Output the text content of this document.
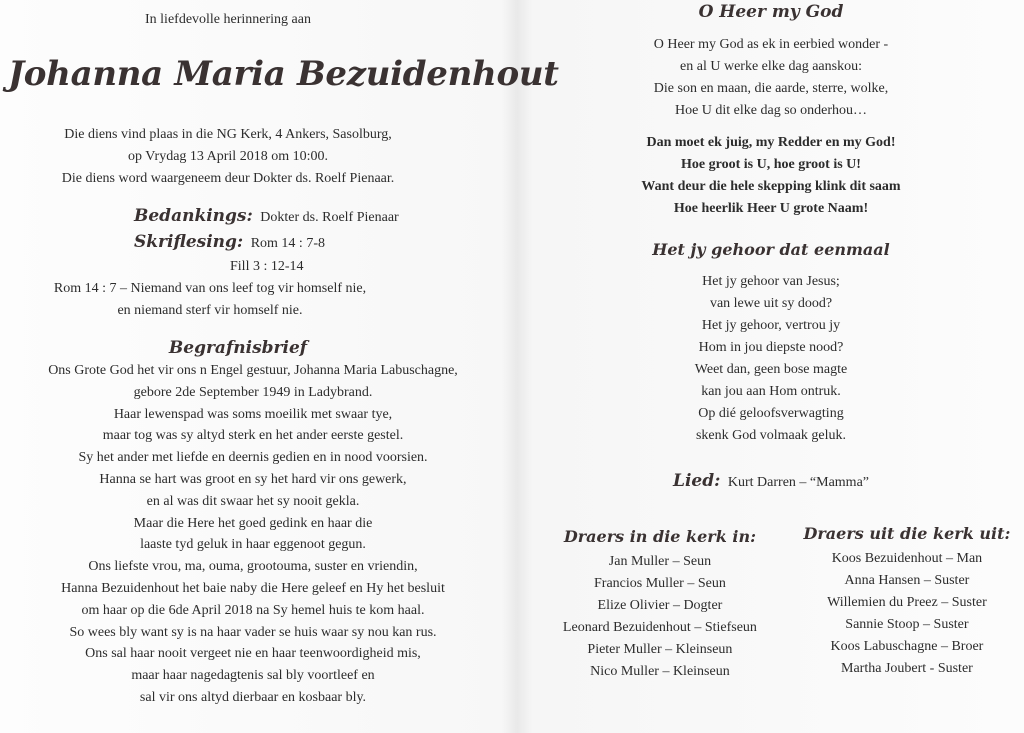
In liefdevolle herinnering aan

Johanna Maria Bezuidenhout

Die diens vind plaas in die NG Kerk, 4 Ankers, Sasolburg,

op Vrydag 13 April 2018 om 10:00.

Die diens word waargeneem deur Dokter ds. Roelf Pienaar.

Bedankings: Dokter ds. Roelf Pienaar
Skriflesing: Rom 14 : 7-8

Fill 3 : 12-14

Rom 14 : 7 – Niemand van ons leef tog vir homself nie,

en niemand sterf vir homself nie.

Begrafnisbrief

Ons Grote God het vir ons n Engel gestuur, Johanna Maria Labuschagne,

gebore 2de September 1949 in Ladybrand.

Haar lewenspad was soms moeilik met swaar tye,

maar tog was sy altyd sterk en het ander eerste gestel.

Sy het ander met liefde en deernis gedien en in nood voorsien.

Hanna se hart was groot en sy het hard vir ons gewerk,

en al was dit swaar het sy nooit gekla.

Maar die Here het goed gedink en haar die

laaste tyd geluk in haar eggenoot gegun.

Ons liefste vrou, ma, ouma, grootouma, suster en vriendin,

Hanna Bezuidenhout het baie naby die Here geleef en Hy het besluit

om haar op die 6de April 2018 na Sy hemel huis te kom haal.

So wees bly want sy is na haar vader se huis waar sy nou kan rus.

Ons sal haar nooit vergeet nie en haar teenwoordigheid mis,

maar haar nagedagtenis sal bly voortleef en

sal vir ons altyd dierbaar en kosbaar bly.

O Heer my God

O Heer my God as ek in eerbied wonder -

en al U werke elke dag aanskou:

Die son en maan, die aarde, sterre, wolke,

Hoe U dit elke dag so onderhou…

Dan moet ek juig, my Redder en my God!

Hoe groot is U, hoe groot is U!

Want deur die hele skepping klink dit saam

Hoe heerlik Heer U grote Naam!

Het jy gehoor dat eenmaal

Het jy gehoor van Jesus;

van lewe uit sy dood?

Het jy gehoor, vertrou jy

Hom in jou diepste nood?

Weet dan, geen bose magte

kan jou aan Hom ontruk.

Op dié geloofsverwagting

skenk God volmaak geluk.

Lied: Kurt Darren – “Mamma”
Draers in die kerk in:

Jan Muller – Seun

Francios Muller – Seun

Elize Olivier – Dogter

Leonard Bezuidenhout – Stiefseun

Pieter Muller – Kleinseun

Nico Muller – Kleinseun

Draers uit die kerk uit:

Koos Bezuidenhout – Man

Anna Hansen – Suster

Willemien du Preez – Suster

Sannie Stoop – Suster

Koos Labuschagne – Broer

Martha Joubert - Suster
